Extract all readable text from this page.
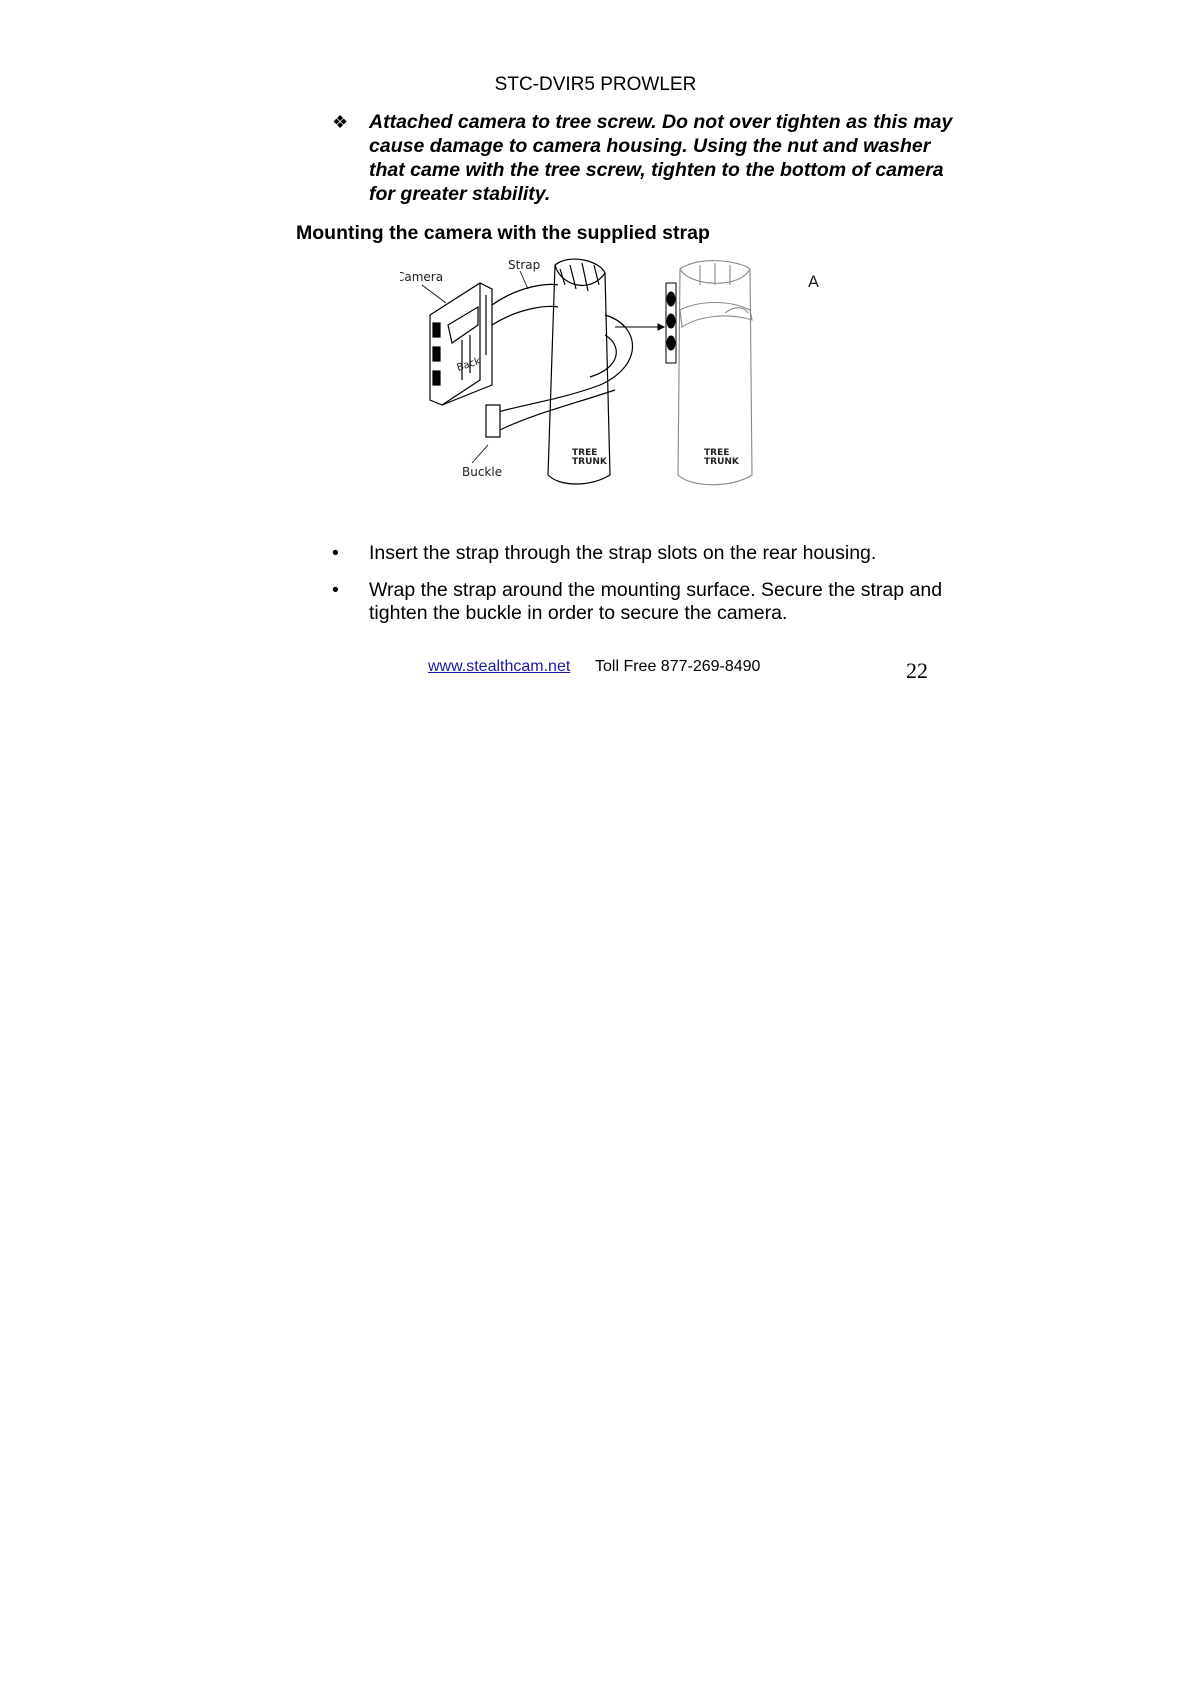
STC-DVIR5 PROWLER
❖ Attached camera to tree screw. Do not over tighten as this may cause damage to camera housing. Using the nut and washer that came with the tree screw, tighten to the bottom of camera for greater stability.
Mounting the camera with the supplied strap
Strap
Camera
Back
Buckle
A
TREE
TRUNK
TREE
TRUNK
• Insert the strap through the strap slots on the rear housing.
• Wrap the strap around the mounting surface. Secure the strap and tighten the buckle in order to secure the camera.
www.stealthcam.net Toll Free 877-269-8490	22
